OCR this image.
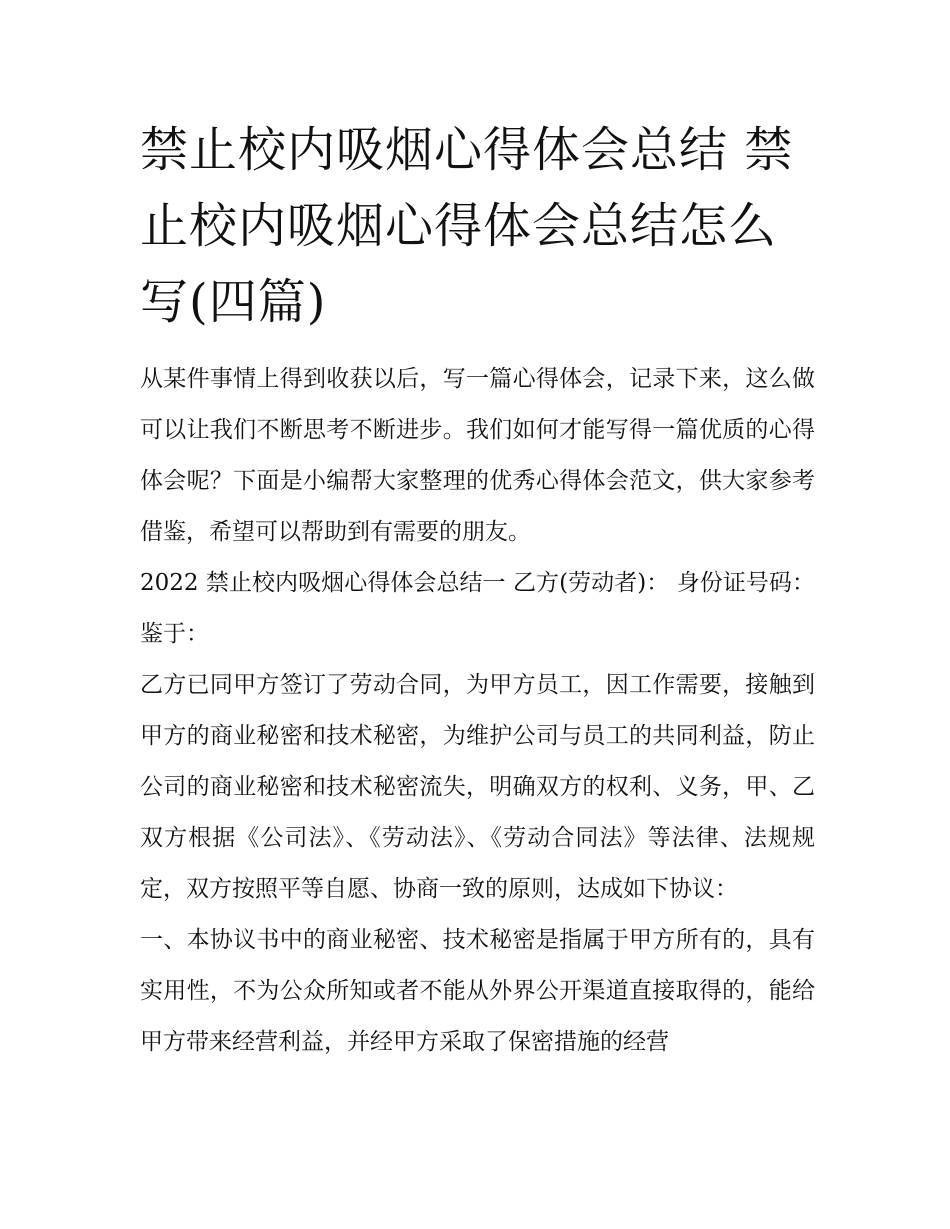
禁止校内吸烟心得体会总结 禁止校内吸烟心得体会总结怎么写(四篇)

从某件事情上得到收获以后，写一篇心得体会，记录下来，这么做可以让我们不断思考不断进步。我们如何才能写得一篇优质的心得体会呢？下面是小编帮大家整理的优秀心得体会范文，供大家参考借鉴，希望可以帮助到有需要的朋友。

2022 禁止校内吸烟心得体会总结一 乙方(劳动者)： 身份证号码： 鉴于：

乙方已同甲方签订了劳动合同，为甲方员工，因工作需要，接触到甲方的商业秘密和技术秘密，为维护公司与员工的共同利益，防止公司的商业秘密和技术秘密流失，明确双方的权利、义务，甲、乙双方根据《公司法》、《劳动法》、《劳动合同法》等法律、法规规定，双方按照平等自愿、协商一致的原则，达成如下协议：

一、本协议书中的商业秘密、技术秘密是指属于甲方所有的，具有实用性，不为公众所知或者不能从外界公开渠道直接取得的，能给甲方带来经营利益，并经甲方采取了保密措施的经营
